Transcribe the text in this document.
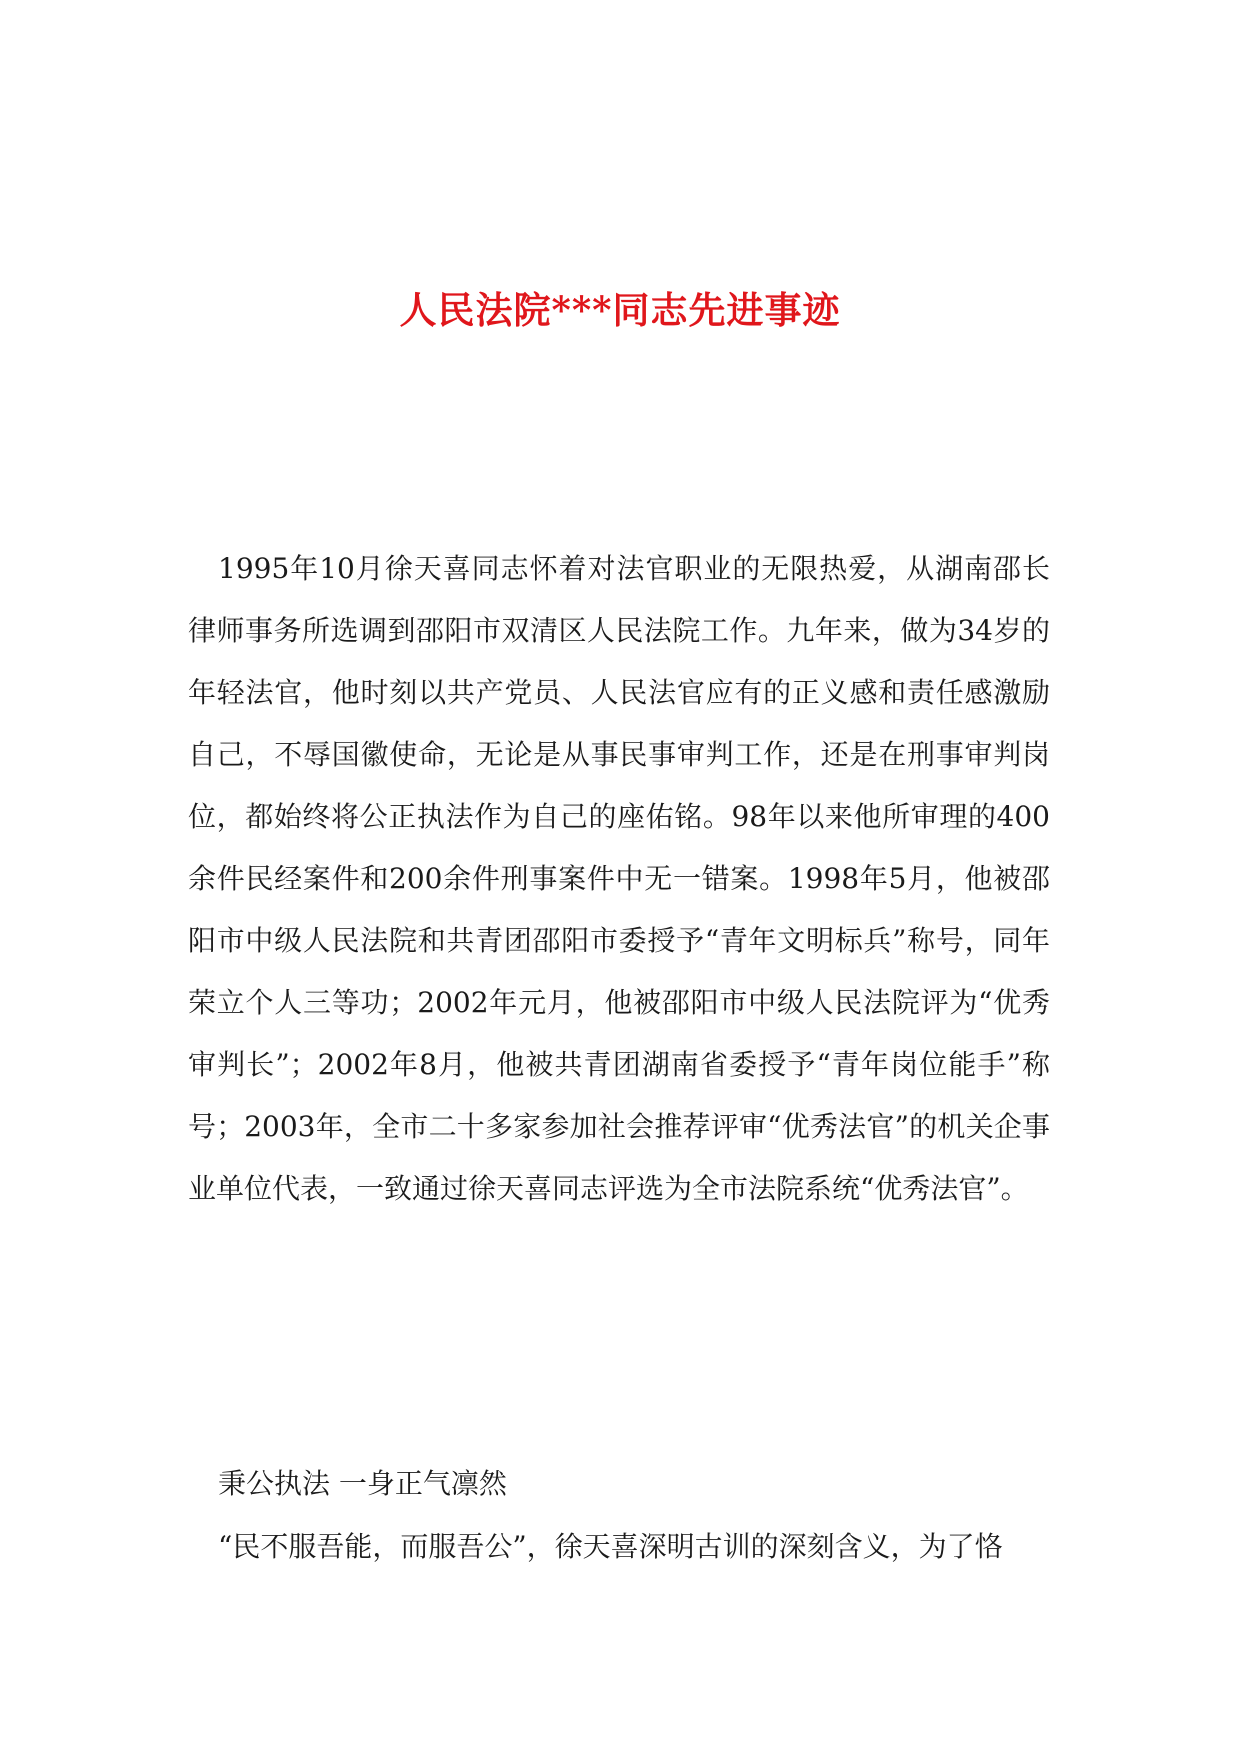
人民法院***同志先进事迹

1995年10月徐天喜同志怀着对法官职业的无限热爱，从湖南邵长律师事务所选调到邵阳市双清区人民法院工作。九年来，做为34岁的年轻法官，他时刻以共产党员、人民法官应有的正义感和责任感激励自己，不辱国徽使命，无论是从事民事审判工作，还是在刑事审判岗位，都始终将公正执法作为自己的座佑铭。98年以来他所审理的400余件民经案件和200余件刑事案件中无一错案。1998年5月，他被邵阳市中级人民法院和共青团邵阳市委授予“青年文明标兵”称号，同年荣立个人三等功；2002年元月，他被邵阳市中级人民法院评为“优秀审判长”；2002年8月，他被共青团湖南省委授予“青年岗位能手”称号；2003年，全市二十多家参加社会推荐评审“优秀法官”的机关企事业单位代表，一致通过徐天喜同志评选为全市法院系统“优秀法官”。

秉公执法 一身正气凛然

“民不服吾能，而服吾公”，徐天喜深明古训的深刻含义，为了恪
